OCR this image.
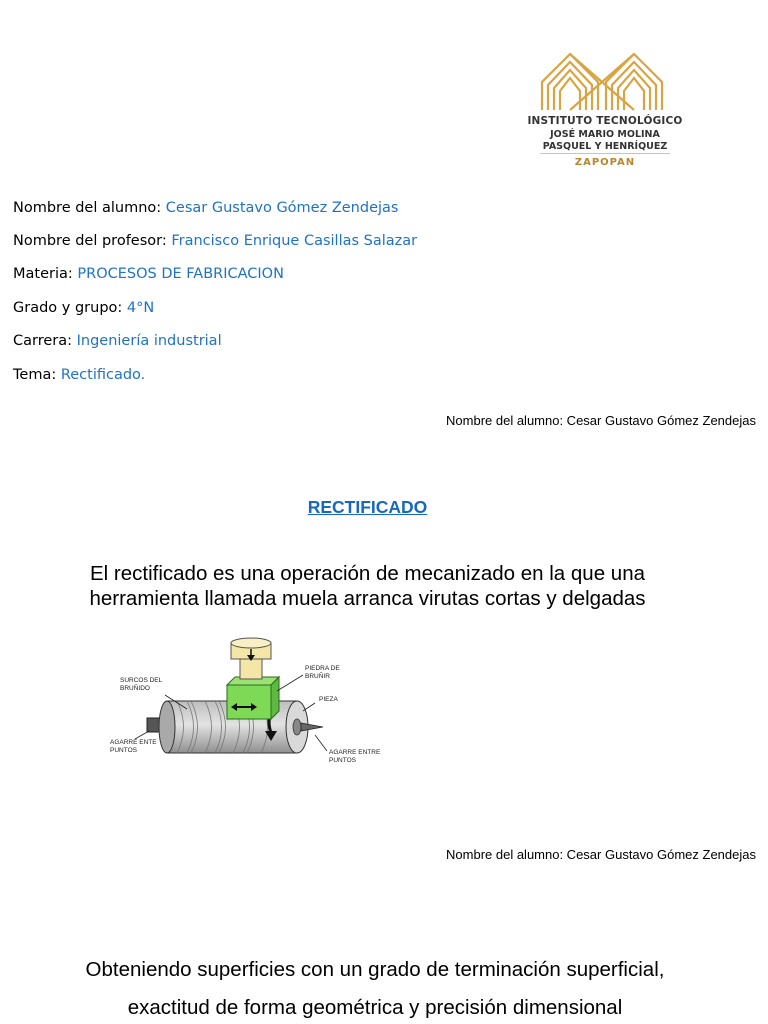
INSTITUTO TECNOLÓGICO
JOSÉ MARIO MOLINA
PASQUEL Y HENRÍQUEZ
ZAPOPAN
Nombre del alumno: Cesar Gustavo Gómez Zendejas
Nombre del profesor: Francisco Enrique Casillas Salazar
Materia: PROCESOS DE FABRICACION
Grado y grupo: 4°N
Carrera: Ingeniería industrial
Tema: Rectificado.
Nombre del alumno: Cesar Gustavo Gómez Zendejas
RECTIFICADO
El rectificado es una operación de mecanizado en la que una
herramienta llamada muela arranca virutas cortas y delgadas
SURCOS DEL
BRUÑIDO
PIEDRA DE
BRUÑIR
PIEZA
AGARRE ENTE
PUNTOS	AGARRE ENTRE
PUNTOS
Nombre del alumno: Cesar Gustavo Gómez Zendejas
Obteniendo superficies con un grado de terminación superficial,
exactitud de forma geométrica y precisión dimensional
